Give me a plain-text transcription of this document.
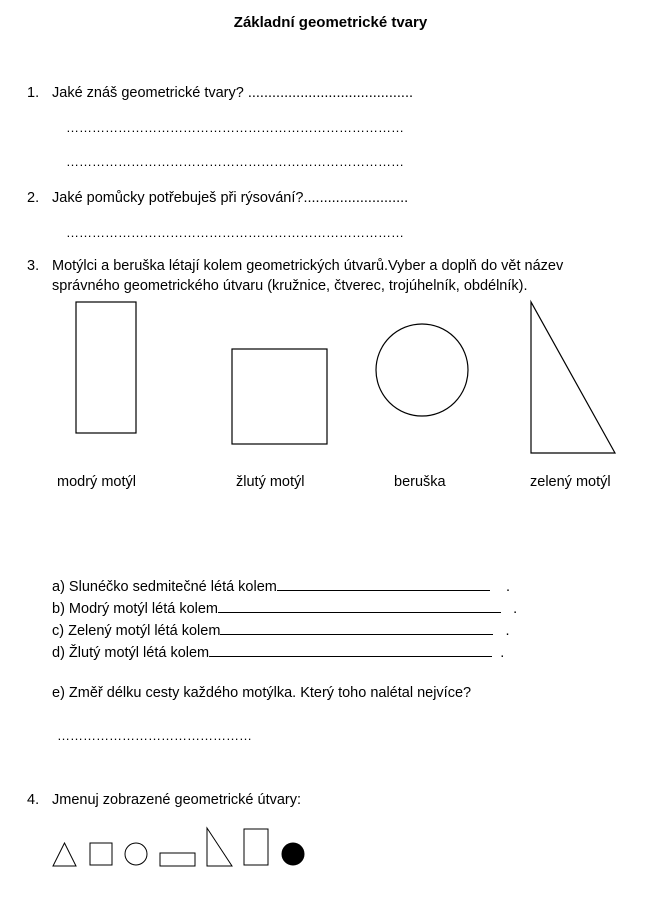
Základní geometrické tvary
1. Jaké znáš geometrické tvary? .........................................
……………………………………………………………………
……………………………………………………………………
2. Jaké pomůcky potřebuješ při rýsování?..........................
……………………………………………………………………
3. Motýlci a beruška létají kolem geometrických útvarů.Vyber a doplň do vět název
správného geometrického útvaru (kružnice, čtverec, trojúhelník, obdélník).
modrý motýl	žlutý motýl	beruška	zelený motýl
a) Slunéčko sedmitečné létá kolem	.
b) Modrý motýl létá kolem	.
c) Zelený motýl létá kolem	.
d) Žlutý motýl létá kolem	.
e) Změř délku cesty každého motýlka. Který toho nalétal nejvíce?
………………………………………
4. Jmenuj zobrazené geometrické útvary:
